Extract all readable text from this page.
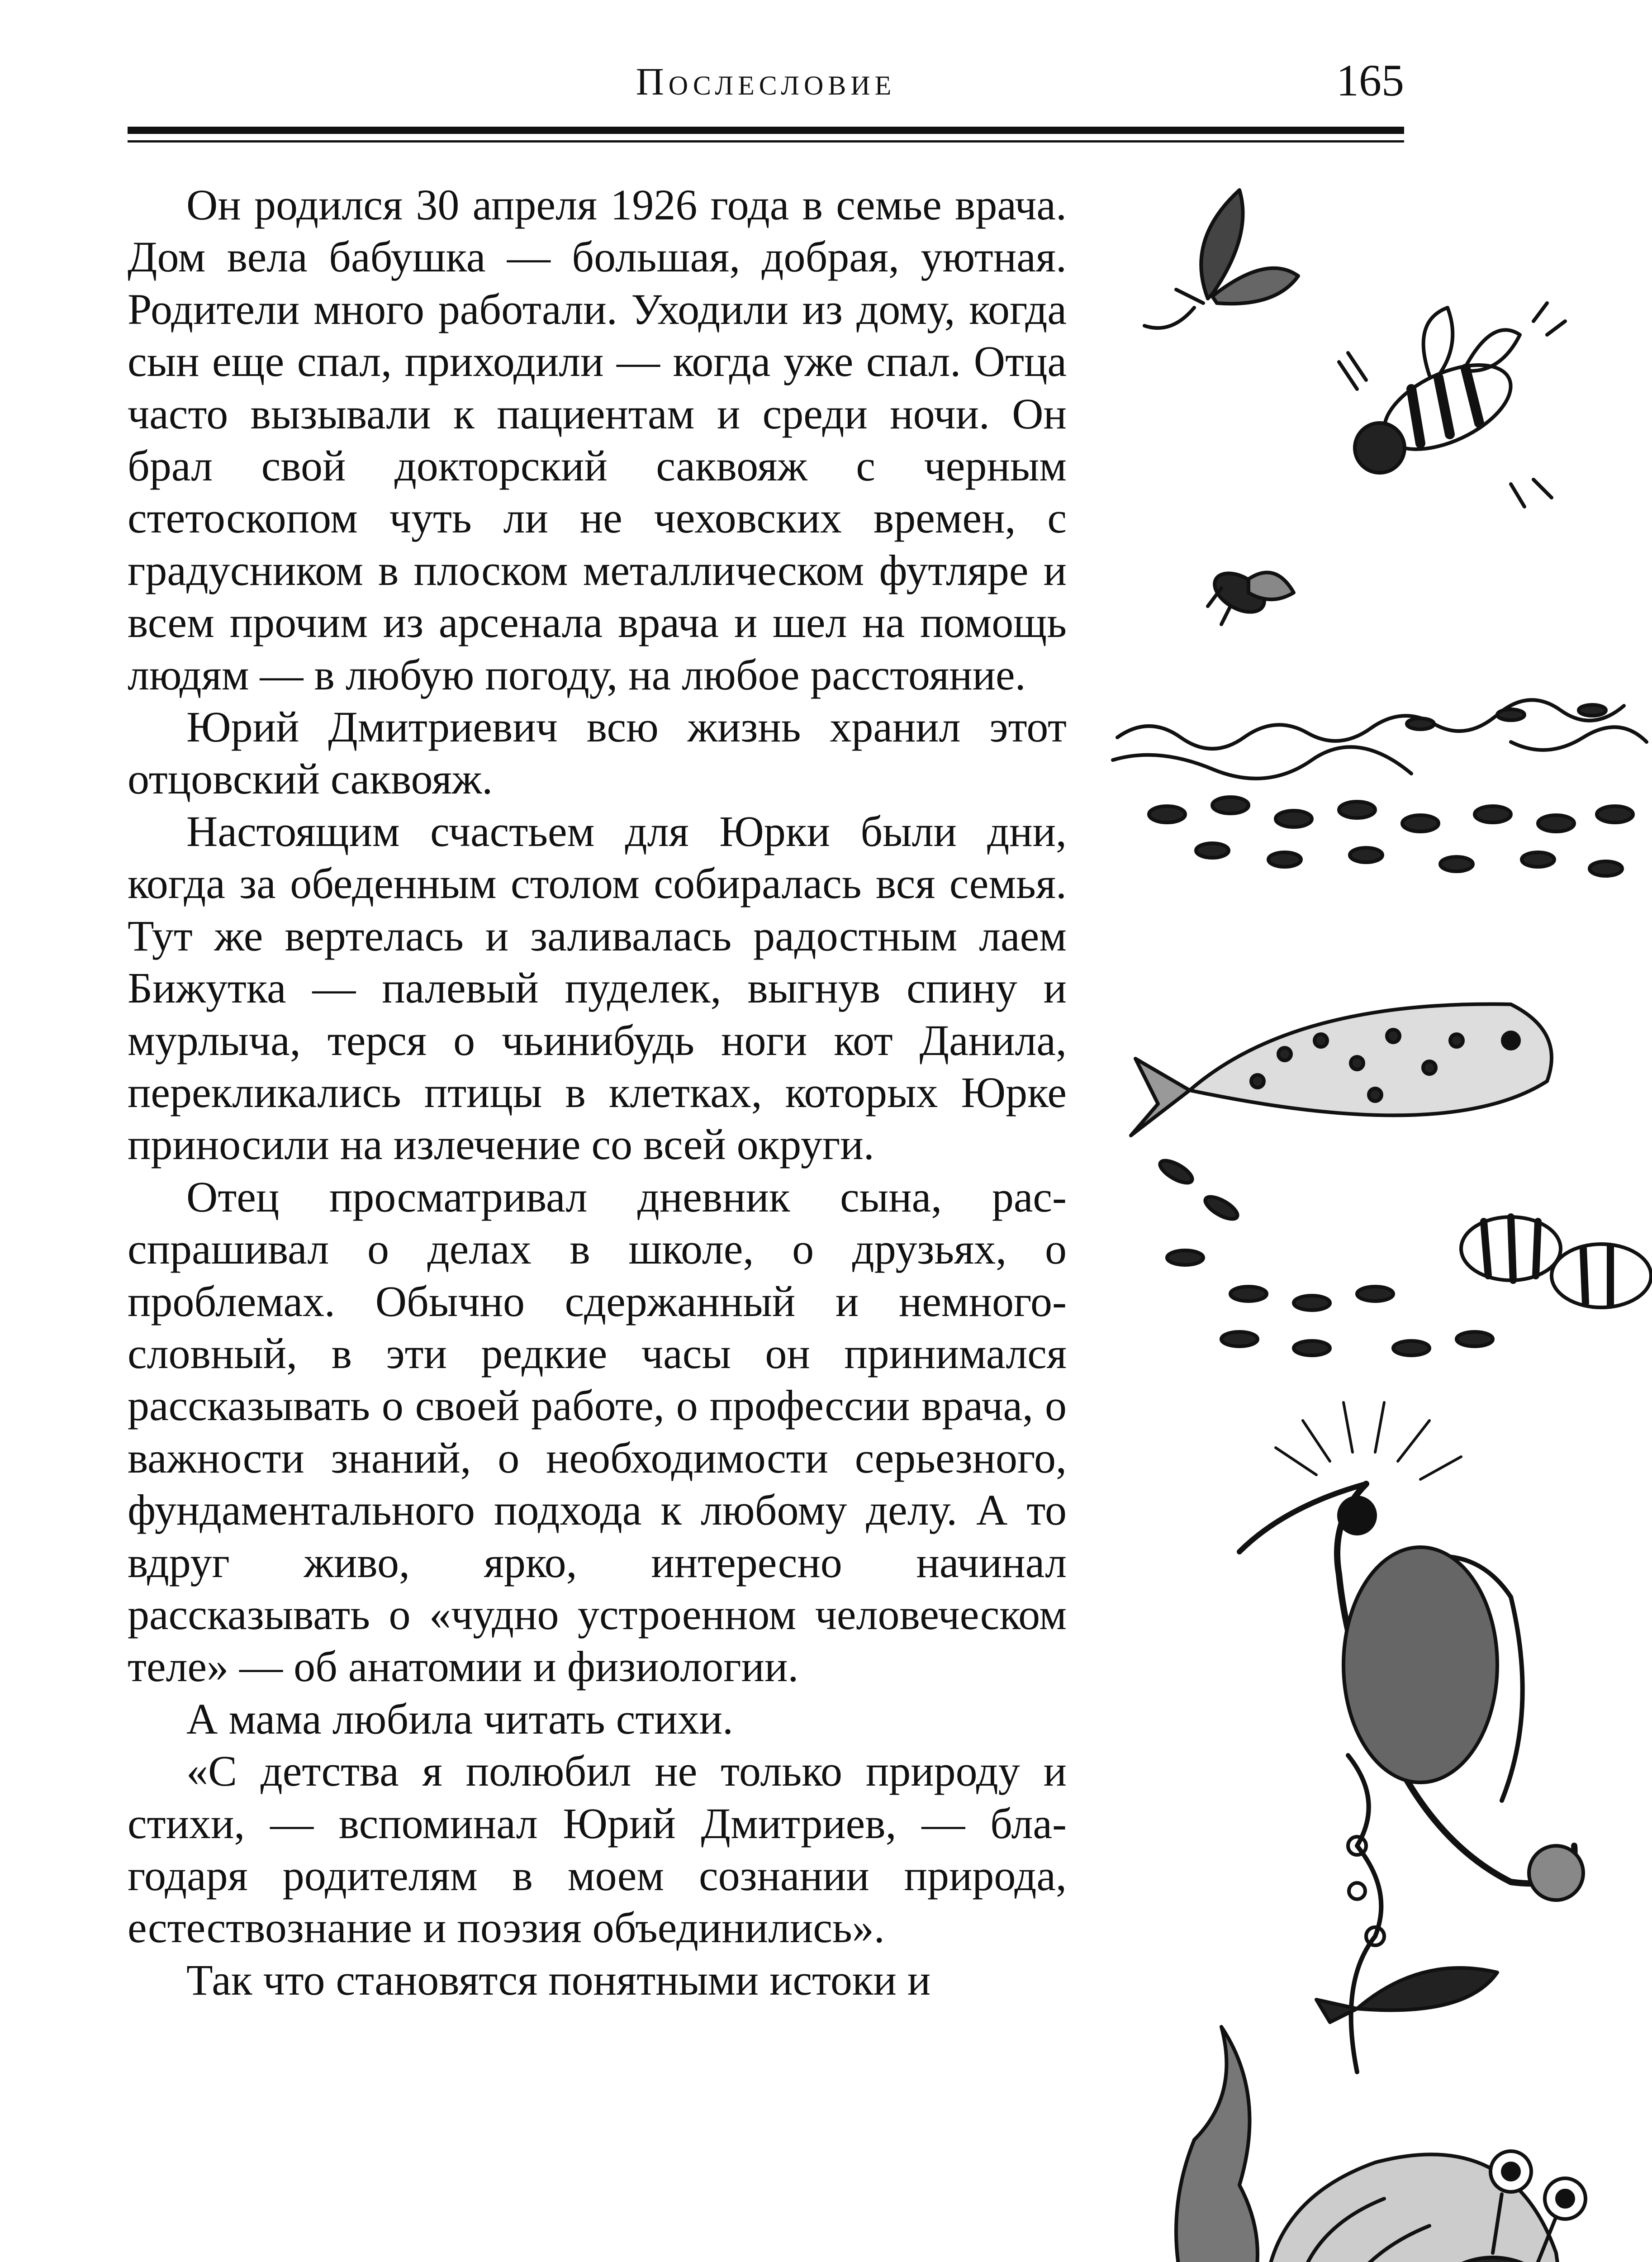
Послесловие	165

Он родился 30 апреля 1926 года в семье врача. Дом вела бабушка — большая, добрая, уютная. Родители много работали. Уходили из дому, когда сын еще спал, приходили — когда уже спал. Отца часто вызывали к пациентам и среди ночи. Он брал свой докторский саквояж с черным стетоскопом чуть ли не чеховских времен, с градусником в плоском металлическом футляре и всем прочим из арсенала врача и шел на помощь людям — в любую погоду, на любое расстояние.

Юрий Дмитриевич всю жизнь хранил этот отцовский саквояж.

Настоящим счастьем для Юрки были дни, когда за обеденным столом собиралась вся семья. Тут же вертелась и заливалась радостным лаем Бижутка — палевый пуделек, выгнув спину и мурлыча, терся о чьинибудь ноги кот Данила, перекликались птицы в клетках, которых Юрке приносили на излечение со всей округи.

Отец просматривал дневник сына, расспрашивал о делах в школе, о друзьях, о проблемах. Обычно сдержанный и немногословный, в эти редкие часы он принимался рассказывать о своей работе, о профессии врача, о важности знаний, о необходимости серьезного, фундаментального подхода к любому делу. А то вдруг живо, ярко, интересно начинал рассказывать о «чудно устроенном человеческом теле» — об анатомии и физиологии.

А мама любила читать стихи.

«С детства я полюбил не только природу и стихи, — вспоминал Юрий Дмитриев, — благодаря родителям в моем сознании природа, естествознание и поэзия объединились».

Так что становятся понятными истоки и
